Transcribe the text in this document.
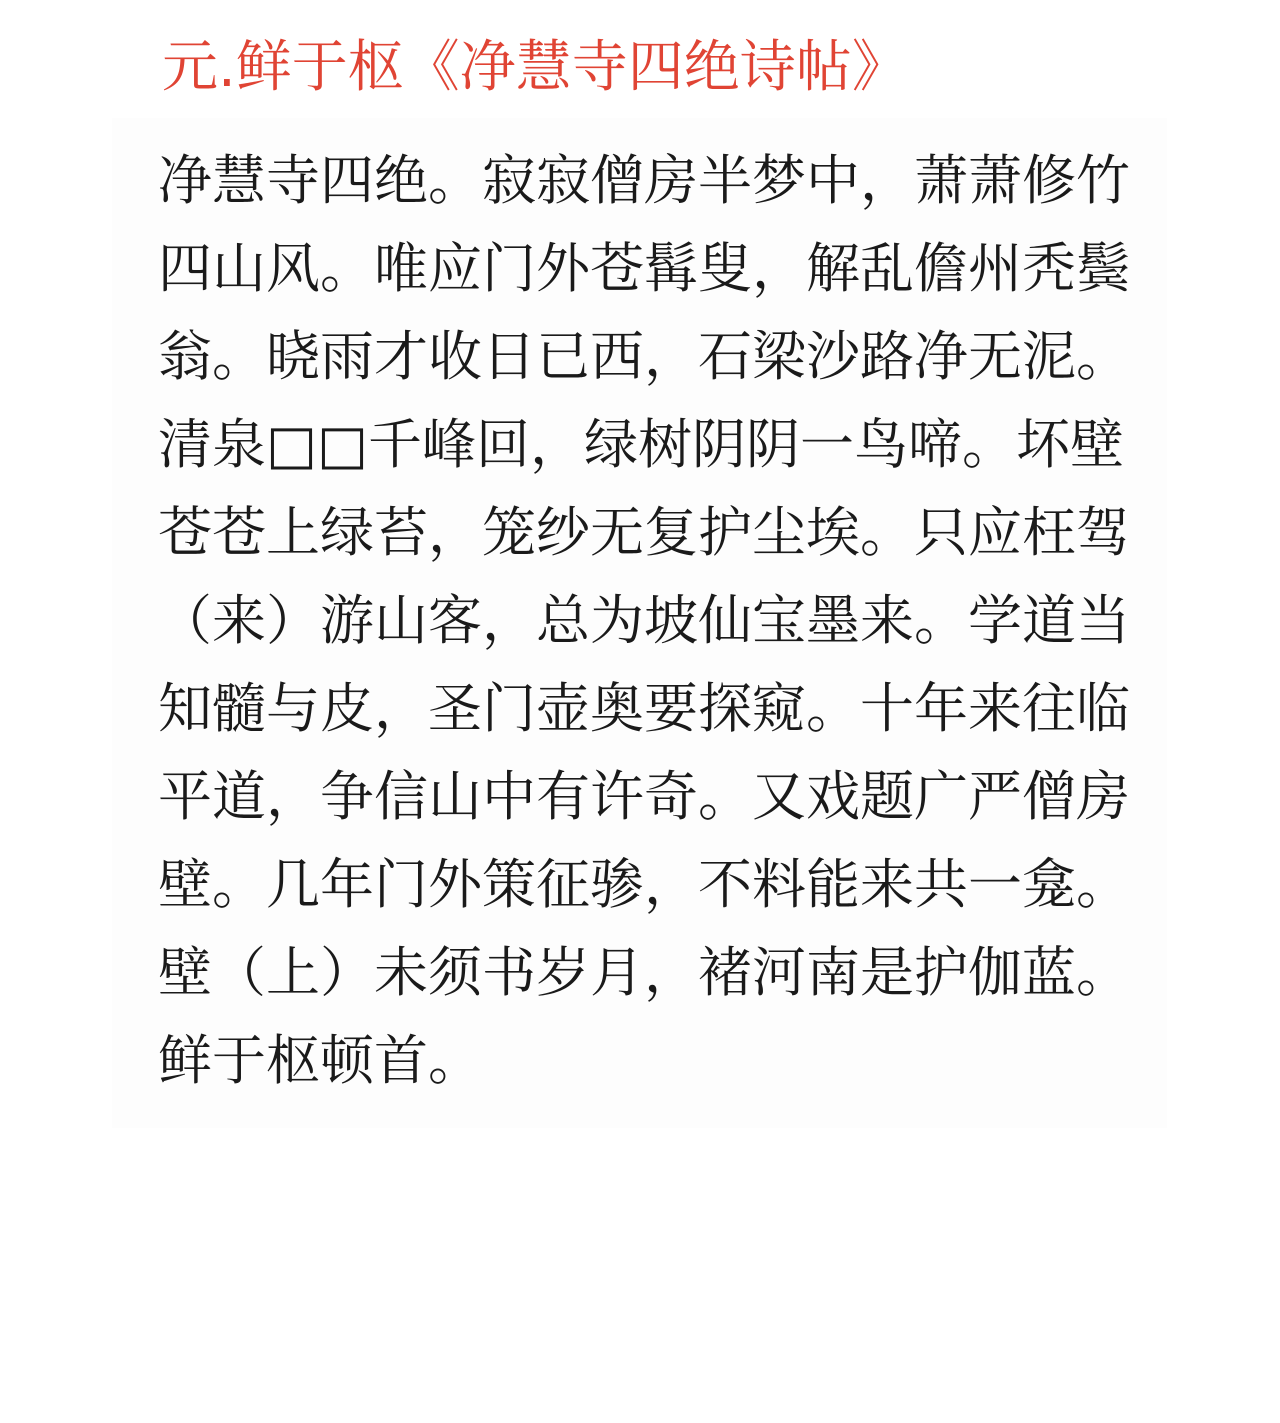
元.鲜于枢《净慧寺四绝诗帖》

净慧寺四绝。寂寂僧房半梦中，萧萧修竹

四山风。唯应门外苍髯叟，解乱儋州秃鬓

翁。晓雨才收日已西，石梁沙路净无泥。

清泉□□千峰回，绿树阴阴一鸟啼。坏壁

苍苍上绿苔，笼纱无复护尘埃。只应枉驾

（来）游山客，总为坡仙宝墨来。学道当

知髓与皮，圣门壶奥要探窥。十年来往临

平道，争信山中有许奇。又戏题广严僧房

壁。几年门外策征骖，不料能来共一龛。

壁（上）未须书岁月，褚河南是护伽蓝。

鲜于枢顿首。
